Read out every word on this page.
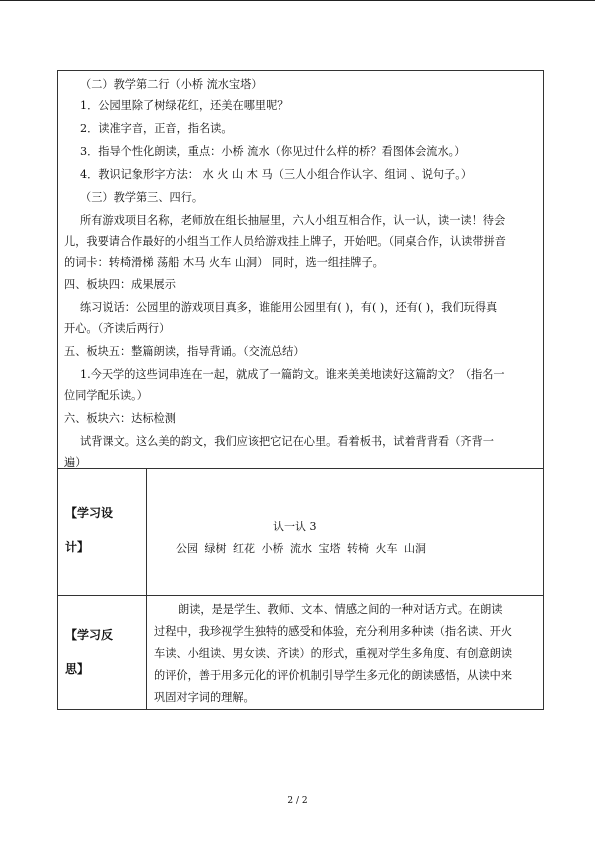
（二）教学第二行（小桥 流水宝塔）
1．公园里除了树绿花红，还美在哪里呢？
2．读准字音，正音，指名读。
3．指导个性化朗读，重点：小桥 流水（你见过什么样的桥？看图体会流水。）
4．教识记象形字方法： 水 火 山 木 马（三人小组合作认字、组词 、说句子。）
（三）教学第三、四行。
所有游戏项目名称，老师放在组长抽屉里，六人小组互相合作，认一认，读一读！待会
儿，我要请合作最好的小组当工作人员给游戏挂上牌子，开始吧。（同桌合作，认读带拼音
的词卡：转椅滑梯 荡船 木马 火车 山洞） 同时，选一组挂牌子。
四、板块四：成果展示
练习说话：公园里的游戏项目真多，谁能用公园里有( )，有( )，还有( )，我们玩得真
开心。（齐读后两行）
五、板块五：整篇朗读，指导背诵。（交流总结）
1.今天学的这些词串连在一起，就成了一篇韵文。谁来美美地读好这篇韵文？（指名一
位同学配乐读。）
六、板块六：达标检测
试背课文。这么美的韵文，我们应该把它记在心里。看着板书，试着背背看（齐背一
遍）
【学习设
计】
认一认 3
公园 绿树 红花 小桥 流水 宝塔 转椅 火车 山洞
【学习反
思】
朗读，是是学生、教师、文本、情感之间的一种对话方式。在朗读
过程中，我珍视学生独特的感受和体验，充分利用多种读（指名读、开火
车读、小组读、男女读、齐读）的形式，重视对学生多角度、有创意朗读
的评价，善于用多元化的评价机制引导学生多元化的朗读感悟，从读中来
巩固对字词的理解。
2 / 2
